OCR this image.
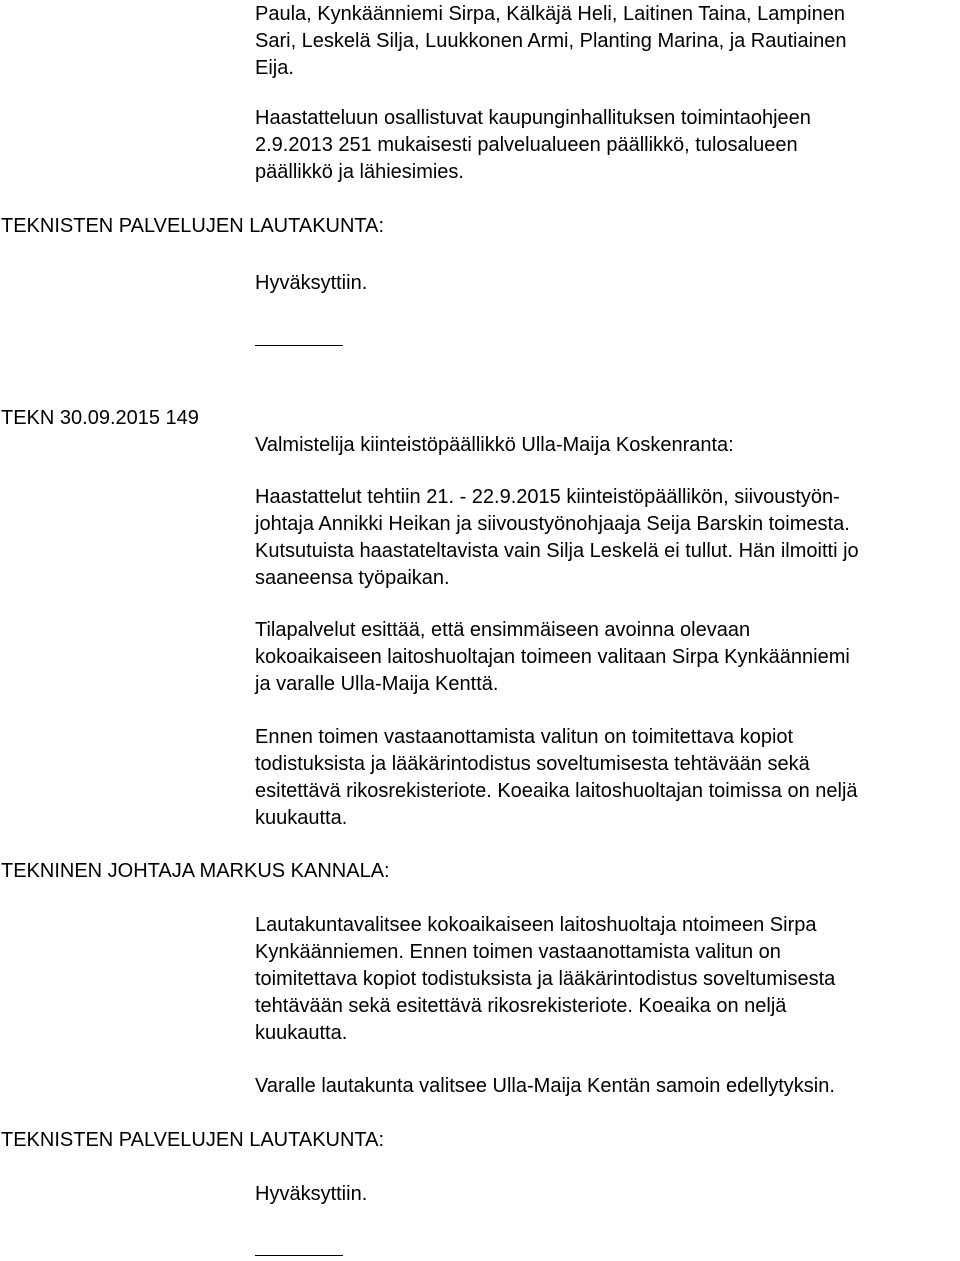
Paula, Kynkäänniemi Sirpa, Kälkäjä Heli, Laitinen Taina, Lampinen
Sari, Leskelä Silja, Luukkonen Armi, Planting Marina, ja Rautiainen
Eija.

Haastatteluun osallistuvat kaupunginhallituksen toimintaohjeen
2.9.2013 251 mukaisesti palvelualueen päällikkö, tulosalueen
päällikkö ja lähiesimies.

TEKNISTEN PALVELUJEN LAUTAKUNTA:

Hyväksyttiin.

TEKN 30.09.2015 149

Valmistelija kiinteistöpäällikkö Ulla-Maija Koskenranta:

Haastattelut tehtiin 21. - 22.9.2015 kiinteistöpäällikön, siivoustyön-
johtaja Annikki Heikan ja siivoustyönohjaaja Seija Barskin toimesta.
Kutsutuista haastateltavista vain Silja Leskelä ei tullut. Hän ilmoitti jo
saaneensa työpaikan.

Tilapalvelut esittää, että ensimmäiseen avoinna olevaan
kokoaikaiseen laitoshuoltajan toimeen valitaan Sirpa Kynkäänniemi
ja varalle Ulla-Maija Kenttä.

Ennen toimen vastaanottamista valitun on toimitettava kopiot
todistuksista ja lääkärintodistus soveltumisesta tehtävään sekä
esitettävä rikosrekisteriote. Koeaika laitoshuoltajan toimissa on neljä
kuukautta.

TEKNINEN JOHTAJA MARKUS KANNALA:

Lautakuntavalitsee kokoaikaiseen laitoshuoltaja ntoimeen Sirpa
Kynkäänniemen. Ennen toimen vastaanottamista valitun on
toimitettava kopiot todistuksista ja lääkärintodistus soveltumisesta
tehtävään sekä esitettävä rikosrekisteriote. Koeaika on neljä
kuukautta.

Varalle lautakunta valitsee Ulla-Maija Kentän samoin edellytyksin.

TEKNISTEN PALVELUJEN LAUTAKUNTA:

Hyväksyttiin.
